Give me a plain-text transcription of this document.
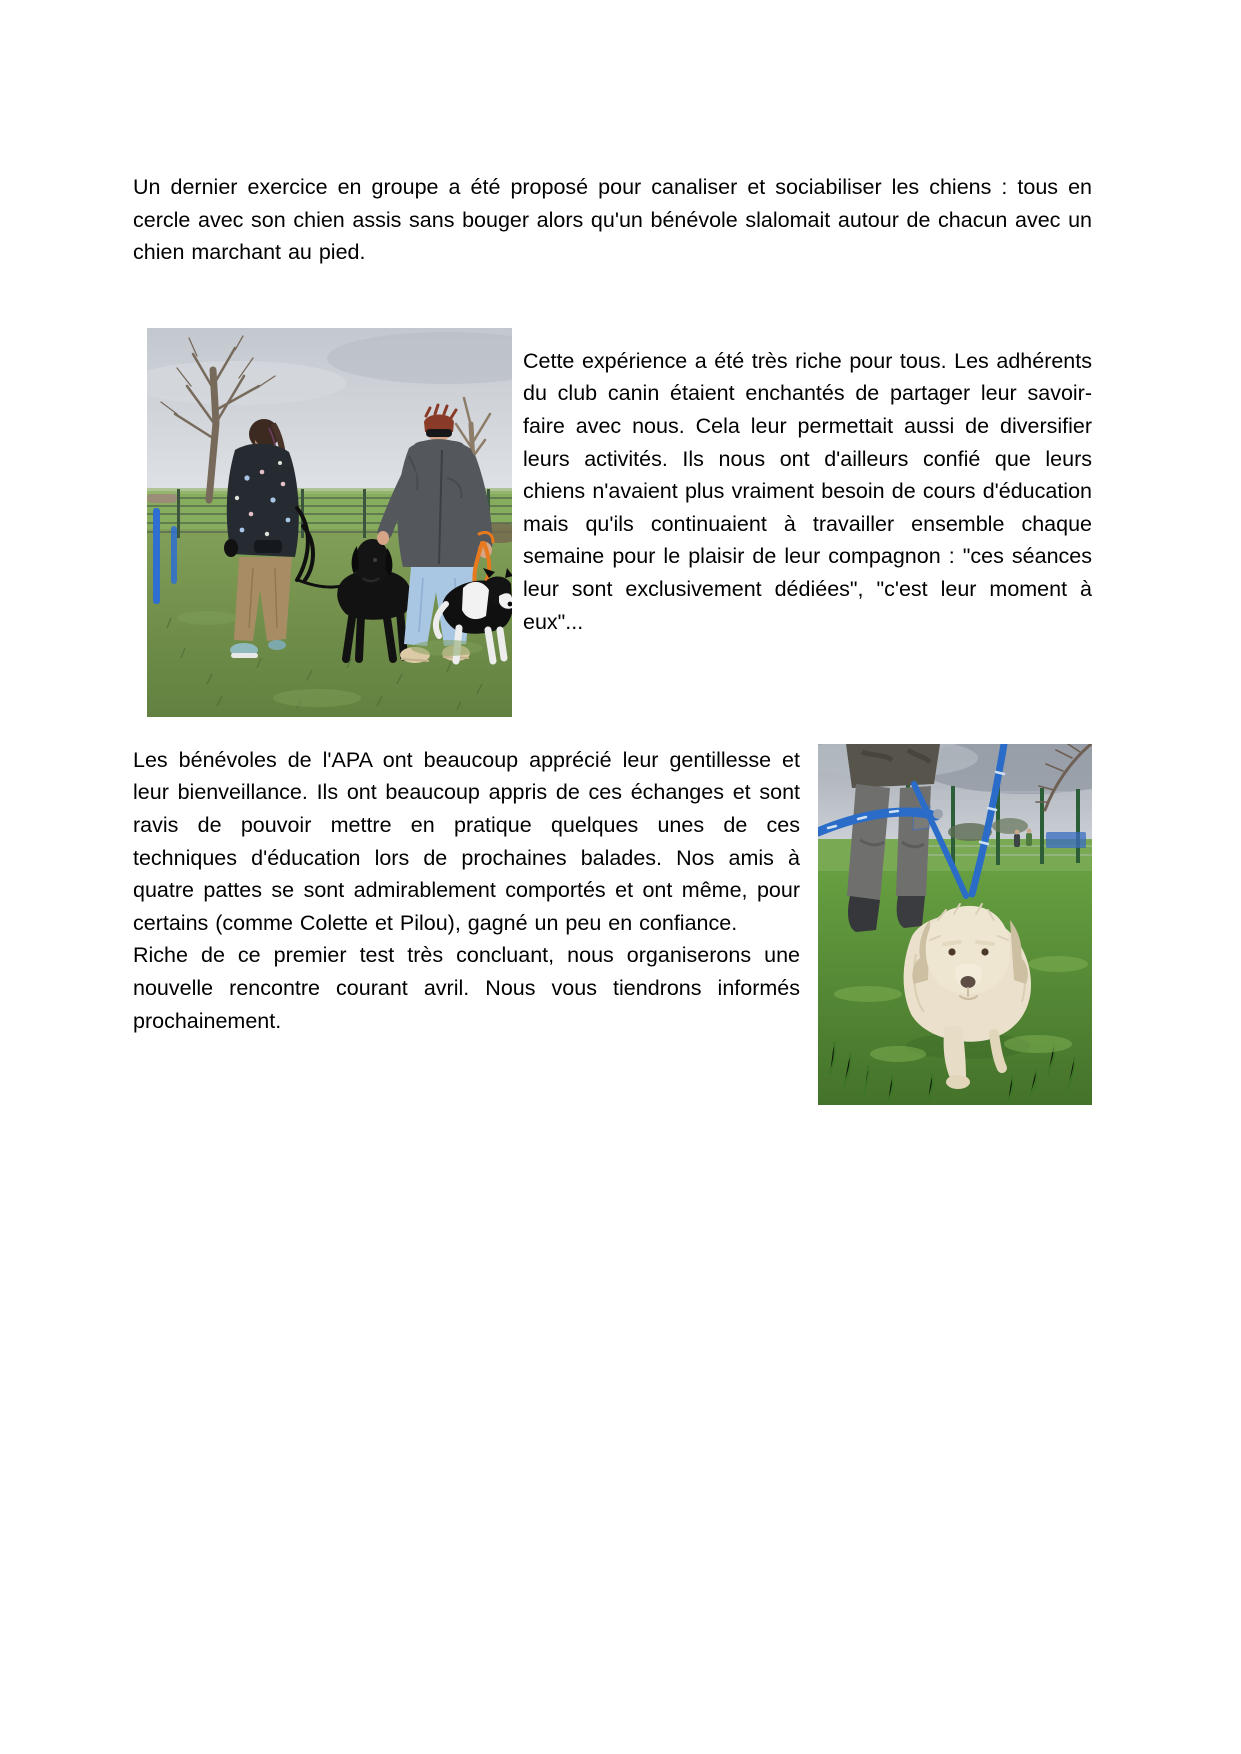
Un dernier exercice en groupe a été proposé pour canaliser et sociabiliser les chiens : tous en cercle avec son chien assis sans bouger alors qu'un bénévole slalomait autour de chacun avec un chien marchant au pied.

Cette expérience a été très riche pour tous. Les adhérents du club canin étaient enchantés de partager leur savoir-faire avec nous. Cela leur permettait aussi de diversifier leurs activités. Ils nous ont d'ailleurs confié que leurs chiens n'avaient plus vraiment besoin de cours d'éducation mais qu'ils continuaient à travailler ensemble chaque semaine pour le plaisir de leur compagnon : "ces séances leur sont exclusivement dédiées", "c'est leur moment à eux"...

Les bénévoles de l'APA ont beaucoup apprécié leur gentillesse et leur bienveillance. Ils ont beaucoup appris de ces échanges et sont ravis de pouvoir mettre en pratique quelques unes de ces techniques d'éducation lors de prochaines balades. Nos amis à quatre pattes se sont admirablement comportés et ont même, pour certains (comme Colette et Pilou), gagné un peu en confiance.

Riche de ce premier test très concluant, nous organiserons une nouvelle rencontre courant avril. Nous vous tiendrons informés prochainement.
